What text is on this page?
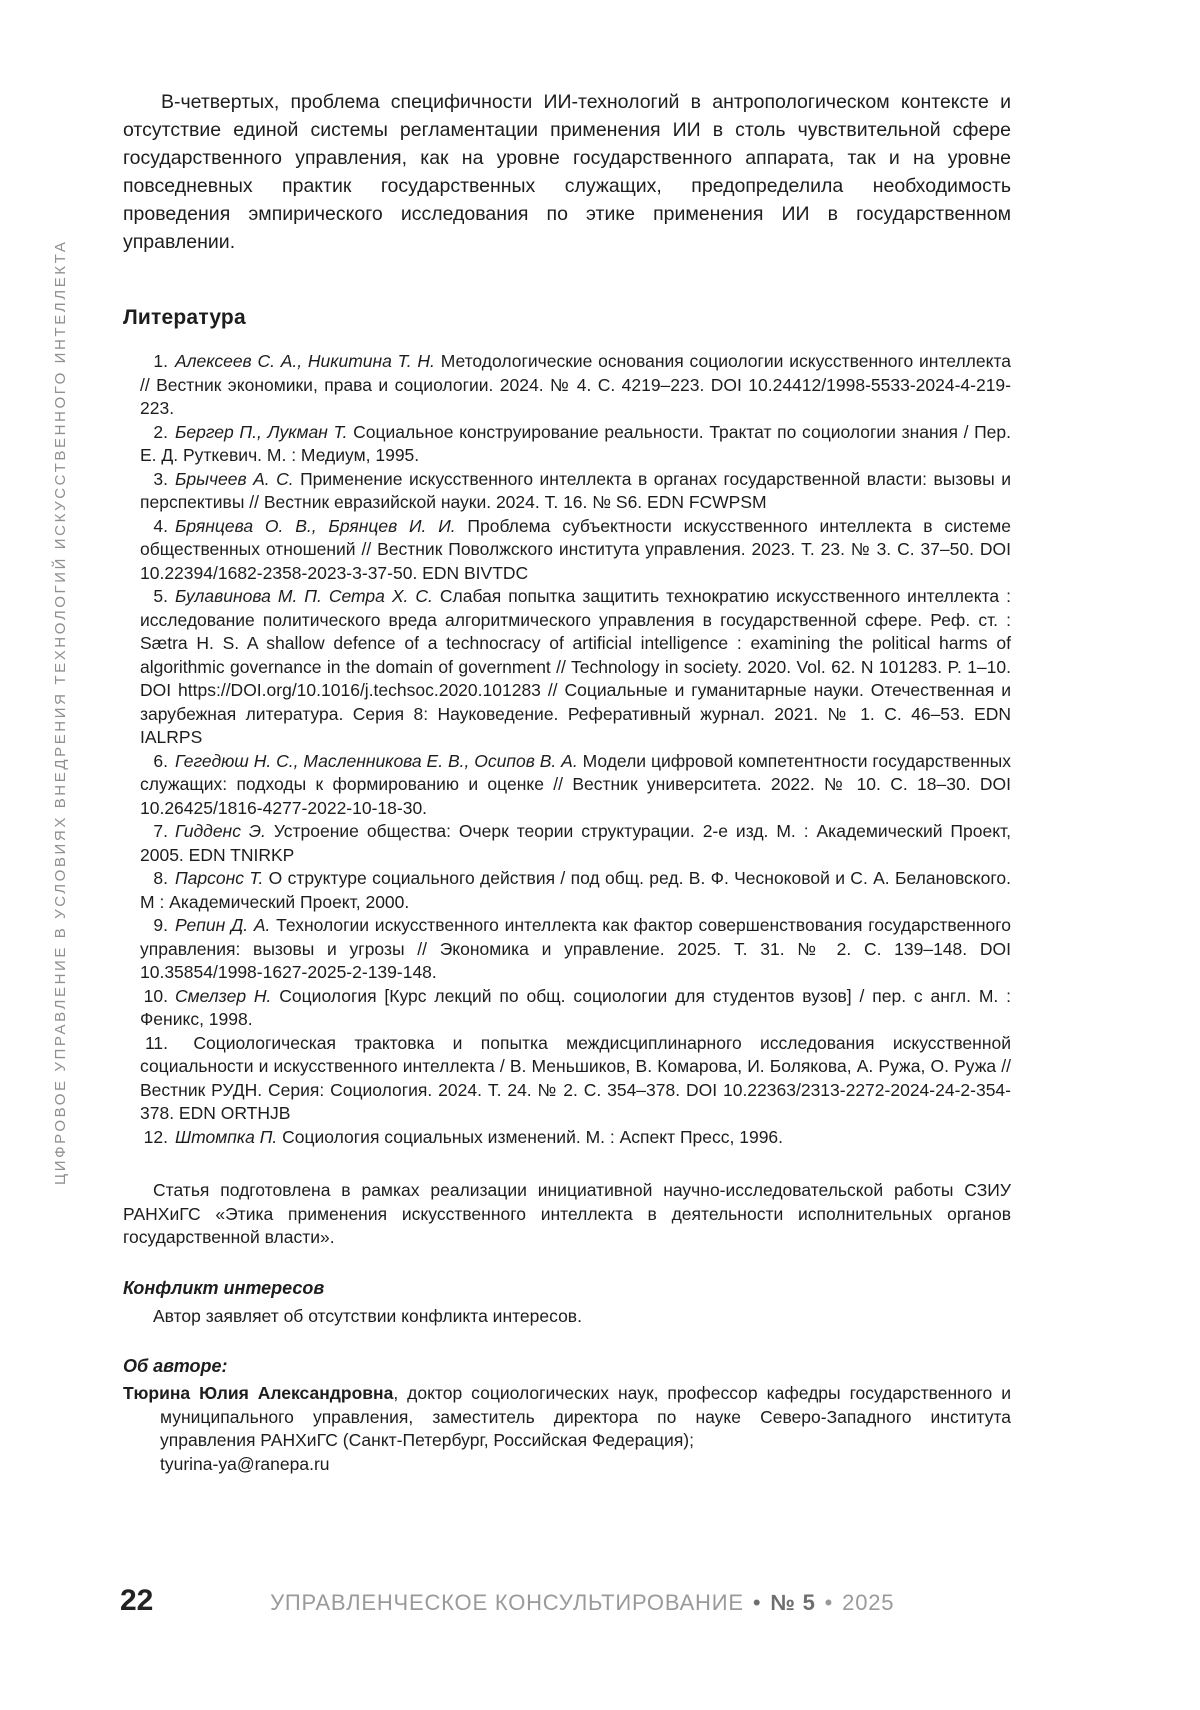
ЦИФРОВОЕ УПРАВЛЕНИЕ В УСЛОВИЯХ ВНЕДРЕНИЯ ТЕХНОЛОГИЙ ИСКУССТВЕННОГО ИНТЕЛЛЕКТА

В-четвертых, проблема специфичности ИИ-технологий в антропологическом контексте и отсутствие единой системы регламентации применения ИИ в столь чувствительной сфере государственного управления, как на уровне государственного аппарата, так и на уровне повседневных практик государственных служащих, предопределила необходимость проведения эмпирического исследования по этике применения ИИ в государственном управлении.

Литература
1. Алексеев С. А., Никитина Т. Н. Методологические основания социологии искусственного интеллекта // Вестник экономики, права и социологии. 2024. № 4. С. 4219–223. DOI 10.24412/1998-5533-2024-4-219-223.
2. Бергер П., Лукман Т. Социальное конструирование реальности. Трактат по социологии знания / Пер. Е. Д. Руткевич. М. : Медиум, 1995.
3. Брычеев А. С. Применение искусственного интеллекта в органах государственной власти: вызовы и перспективы // Вестник евразийской науки. 2024. Т. 16. № S6. EDN FCWPSM
4. Брянцева О. В., Брянцев И. И. Проблема субъектности искусственного интеллекта в системе общественных отношений // Вестник Поволжского института управления. 2023. Т. 23. № 3. С. 37–50. DOI 10.22394/1682-2358-2023-3-37-50. EDN BIVTDC
5. Булавинова М. П. Сетра Х. С. Слабая попытка защитить технократию искусственного интеллекта : исследование политического вреда алгоритмического управления в государственной сфере. Реф. ст. : Sætra H. S. A shallow defence of a technocracy of artificial intelligence : examining the political harms of algorithmic governance in the domain of government // Technology in society. 2020. Vol. 62. N 101283. P. 1–10. DOI https://DOI.org/10.1016/j.techsoc.2020.101283 // Социальные и гуманитарные науки. Отечественная и зарубежная литература. Серия 8: Науковедение. Реферативный журнал. 2021. № 1. С. 46–53. EDN IALRPS
6. Гегедюш Н. С., Масленникова Е. В., Осипов В. А. Модели цифровой компетентности государственных служащих: подходы к формированию и оценке // Вестник университета. 2022. № 10. С. 18–30. DOI 10.26425/1816-4277-2022-10-18-30.
7. Гидденс Э. Устроение общества: Очерк теории структурации. 2-е изд. М. : Академический Проект, 2005. EDN TNIRKP
8. Парсонс Т. О структуре социального действия / под общ. ред. В. Ф. Чесноковой и С. А. Белановского. М : Академический Проект, 2000.
9. Репин Д. А. Технологии искусственного интеллекта как фактор совершенствования государственного управления: вызовы и угрозы // Экономика и управление. 2025. Т. 31. № 2. С. 139–148. DOI 10.35854/1998-1627-2025-2-139-148.
10. Смелзер Н. Социология [Курс лекций по общ. социологии для студентов вузов] / пер. с англ. М. : Феникс, 1998.
11. Социологическая трактовка и попытка междисциплинарного исследования искусственной социальности и искусственного интеллекта / В. Меньшиков, В. Комарова, И. Болякова, А. Ружа, О. Ружа // Вестник РУДН. Серия: Социология. 2024. Т. 24. № 2. С. 354–378. DOI 10.22363/2313-2272-2024-24-2-354-378. EDN ORTHJB
12. Штомпка П. Социология социальных изменений. М. : Аспект Пресс, 1996.

Статья подготовлена в рамках реализации инициативной научно-исследовательской работы СЗИУ РАНХиГС «Этика применения искусственного интеллекта в деятельности исполнительных органов государственной власти».

Конфликт интересов

Автор заявляет об отсутствии конфликта интересов.

Об авторе:

Тюрина Юлия Александровна, доктор социологических наук, профессор кафедры государственного и муниципального управления, заместитель директора по науке Северо-Западного института управления РАНХиГС (Санкт-Петербург, Российская Федерация);
tyurina-ya@ranepa.ru

22	УПРАВЛЕНЧЕСКОЕ КОНСУЛЬТИРОВАНИЕ • № 5 • 2025
